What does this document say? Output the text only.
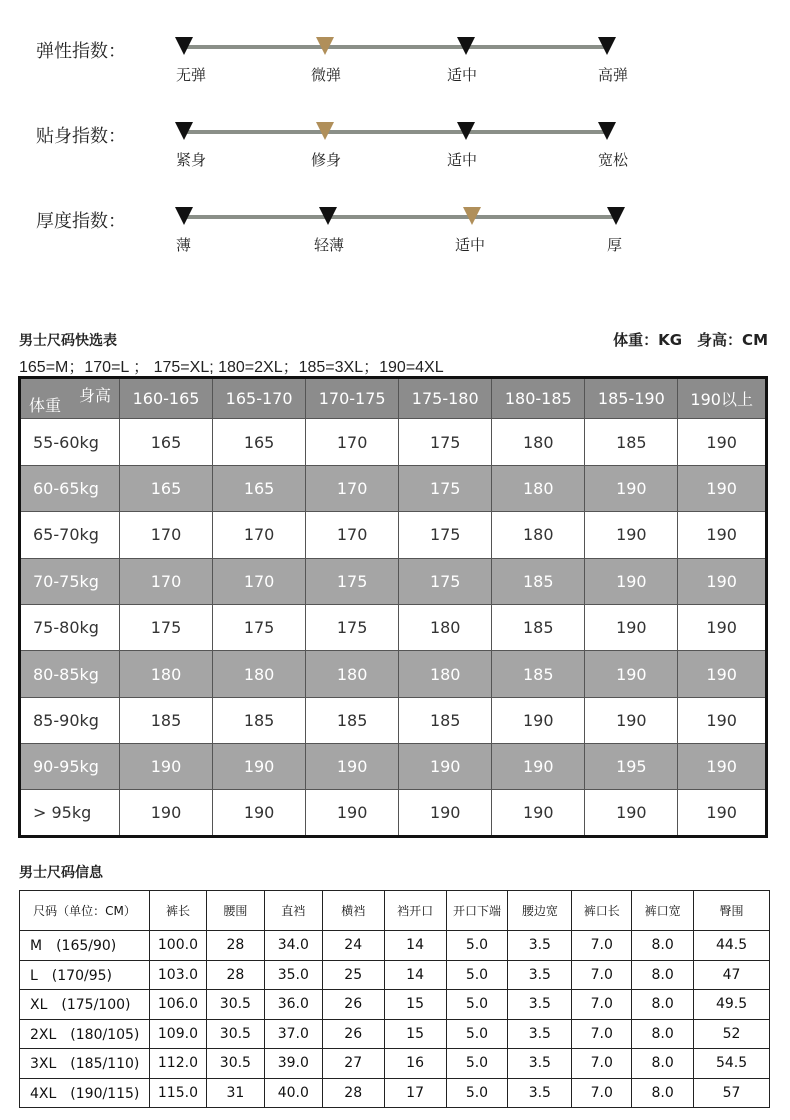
弹性指数：
无弹	微弹	适中	高弹
贴身指数：
紧身	修身	适中	宽松
厚度指数：
薄	轻薄	适中	厚
男士尺码快选表	体重：KG　身高：CM
165=M；170=L ； 175=XL; 180=2XL；185=3XL；190=4XL
身高
体重	160-165	165-170	170-175	175-180	180-185	185-190	190以上
55-60kg	165	165	170	175	180	185	190
60-65kg	165	165	170	175	180	190	190
65-70kg	170	170	170	175	180	190	190
70-75kg	170	170	175	175	185	190	190
75-80kg	175	175	175	180	185	190	190
80-85kg	180	180	180	180	185	190	190
85-90kg	185	185	185	185	190	190	190
90-95kg	190	190	190	190	190	195	190
> 95kg	190	190	190	190	190	190	190
男士尺码信息
尺码（单位：CM）	裤长	腰围	直裆	横裆	裆开口	开口下端	腰边宽	裤口长	裤口宽	臀围
M　(165/90)	100.0	28	34.0	24	14	5.0	3.5	7.0	8.0	44.5
L　(170/95)	103.0	28	35.0	25	14	5.0	3.5	7.0	8.0	47
XL　(175/100)	106.0	30.5	36.0	26	15	5.0	3.5	7.0	8.0	49.5
2XL　(180/105)	109.0	30.5	37.0	26	15	5.0	3.5	7.0	8.0	52
3XL　(185/110)	112.0	30.5	39.0	27	16	5.0	3.5	7.0	8.0	54.5
4XL　(190/115)	115.0	31	40.0	28	17	5.0	3.5	7.0	8.0	57
